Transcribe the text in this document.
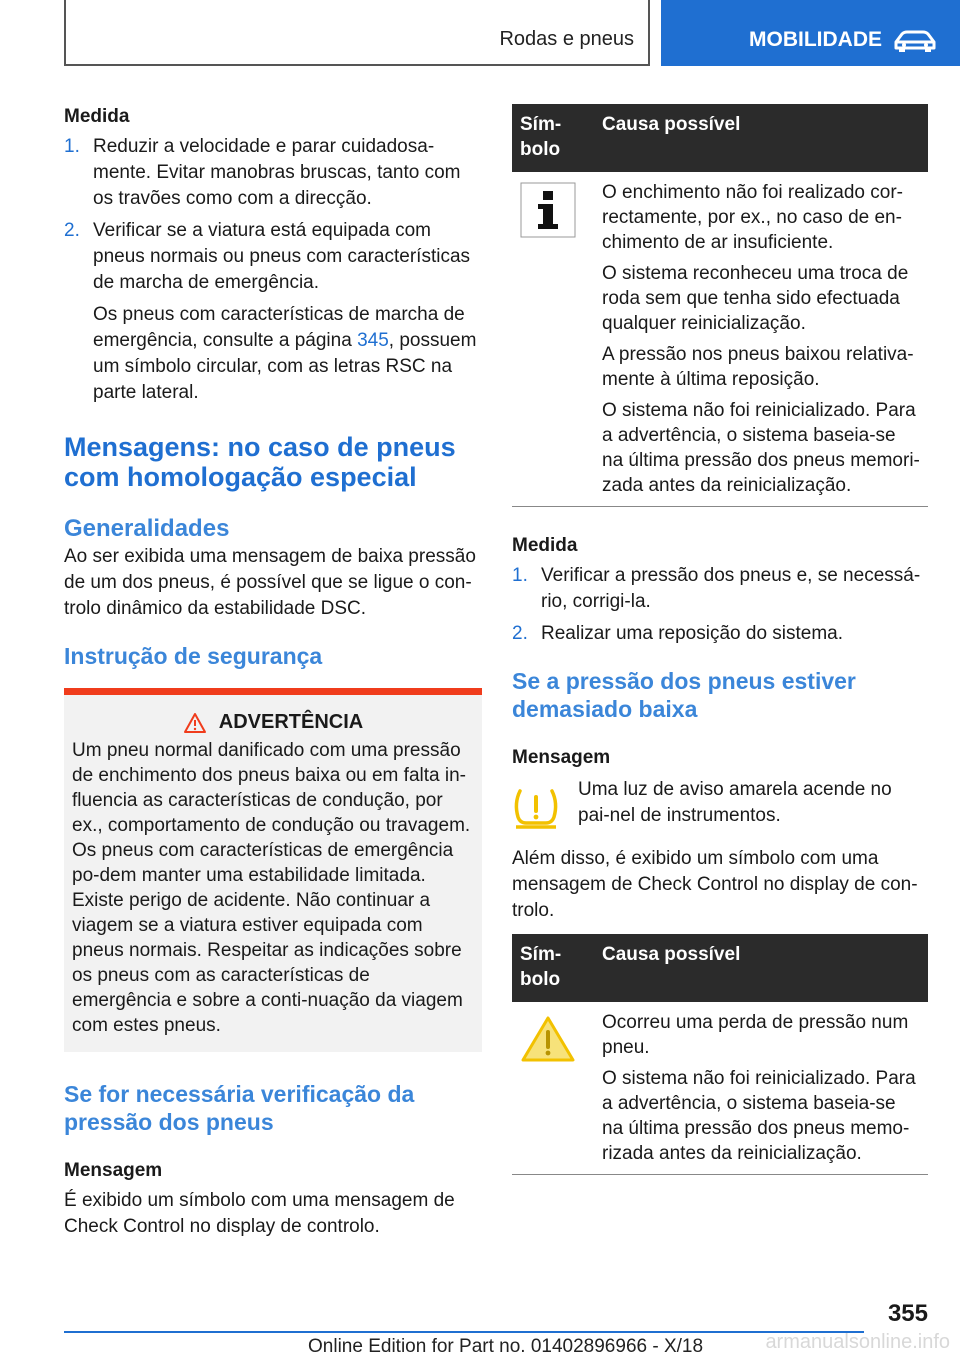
Rodas e pneus	MOBILIDADE
Medida
1. Reduzir a velocidade e parar cuidadosa-mente. Evitar manobras bruscas, tanto com os travões como com a direcção.

2. Verificar se a viatura está equipada com pneus normais ou pneus com características de marcha de emergência.

Os pneus com características de marcha de emergência, consulte a página 345, possuem um símbolo circular, com as letras RSC na parte lateral.

Mensagens: no caso de pneus com homologação especial
Generalidades

Ao ser exibida uma mensagem de baixa pressão de um dos pneus, é possível que se ligue o con-trolo dinâmico da estabilidade DSC.

Instrução de segurança
ADVERTÊNCIA

Um pneu normal danificado com uma pressão de enchimento dos pneus baixa ou em falta in-fluencia as características de condução, por ex., comportamento de condução ou travagem. Os pneus com características de emergência po-dem manter uma estabilidade limitada. Existe perigo de acidente. Não continuar a viagem se a viatura estiver equipada com pneus normais. Respeitar as indicações sobre os pneus com as características de emergência e sobre a conti-nuação da viagem com estes pneus.

Se for necessária verificação da pressão dos pneus
Mensagem

É exibido um símbolo com uma mensagem de Check Control no display de controlo.

Sím-bolo	Causa possível

O enchimento não foi realizado cor-rectamente, por ex., no caso de en-chimento de ar insuficiente.

O sistema reconheceu uma troca de roda sem que tenha sido efectuada qualquer reinicialização.

A pressão nos pneus baixou relativa-mente à última reposição.

O sistema não foi reinicializado. Para a advertência, o sistema baseia-se na última pressão dos pneus memori-zada antes da reinicialização.

Medida
1. Verificar a pressão dos pneus e, se necessá-rio, corrigi-la.

2. Realizar uma reposição do sistema.

Se a pressão dos pneus estiver demasiado baixa
Mensagem

Uma luz de aviso amarela acende no pai-nel de instrumentos.

Além disso, é exibido um símbolo com uma mensagem de Check Control no display de con-trolo.

Sím-bolo	Causa possível

Ocorreu uma perda de pressão num pneu.

O sistema não foi reinicializado. Para a advertência, o sistema baseia-se na última pressão dos pneus memo-rizada antes da reinicialização.

355
Online Edition for Part no. 01402896966 - X/18	armanualsonline.info
